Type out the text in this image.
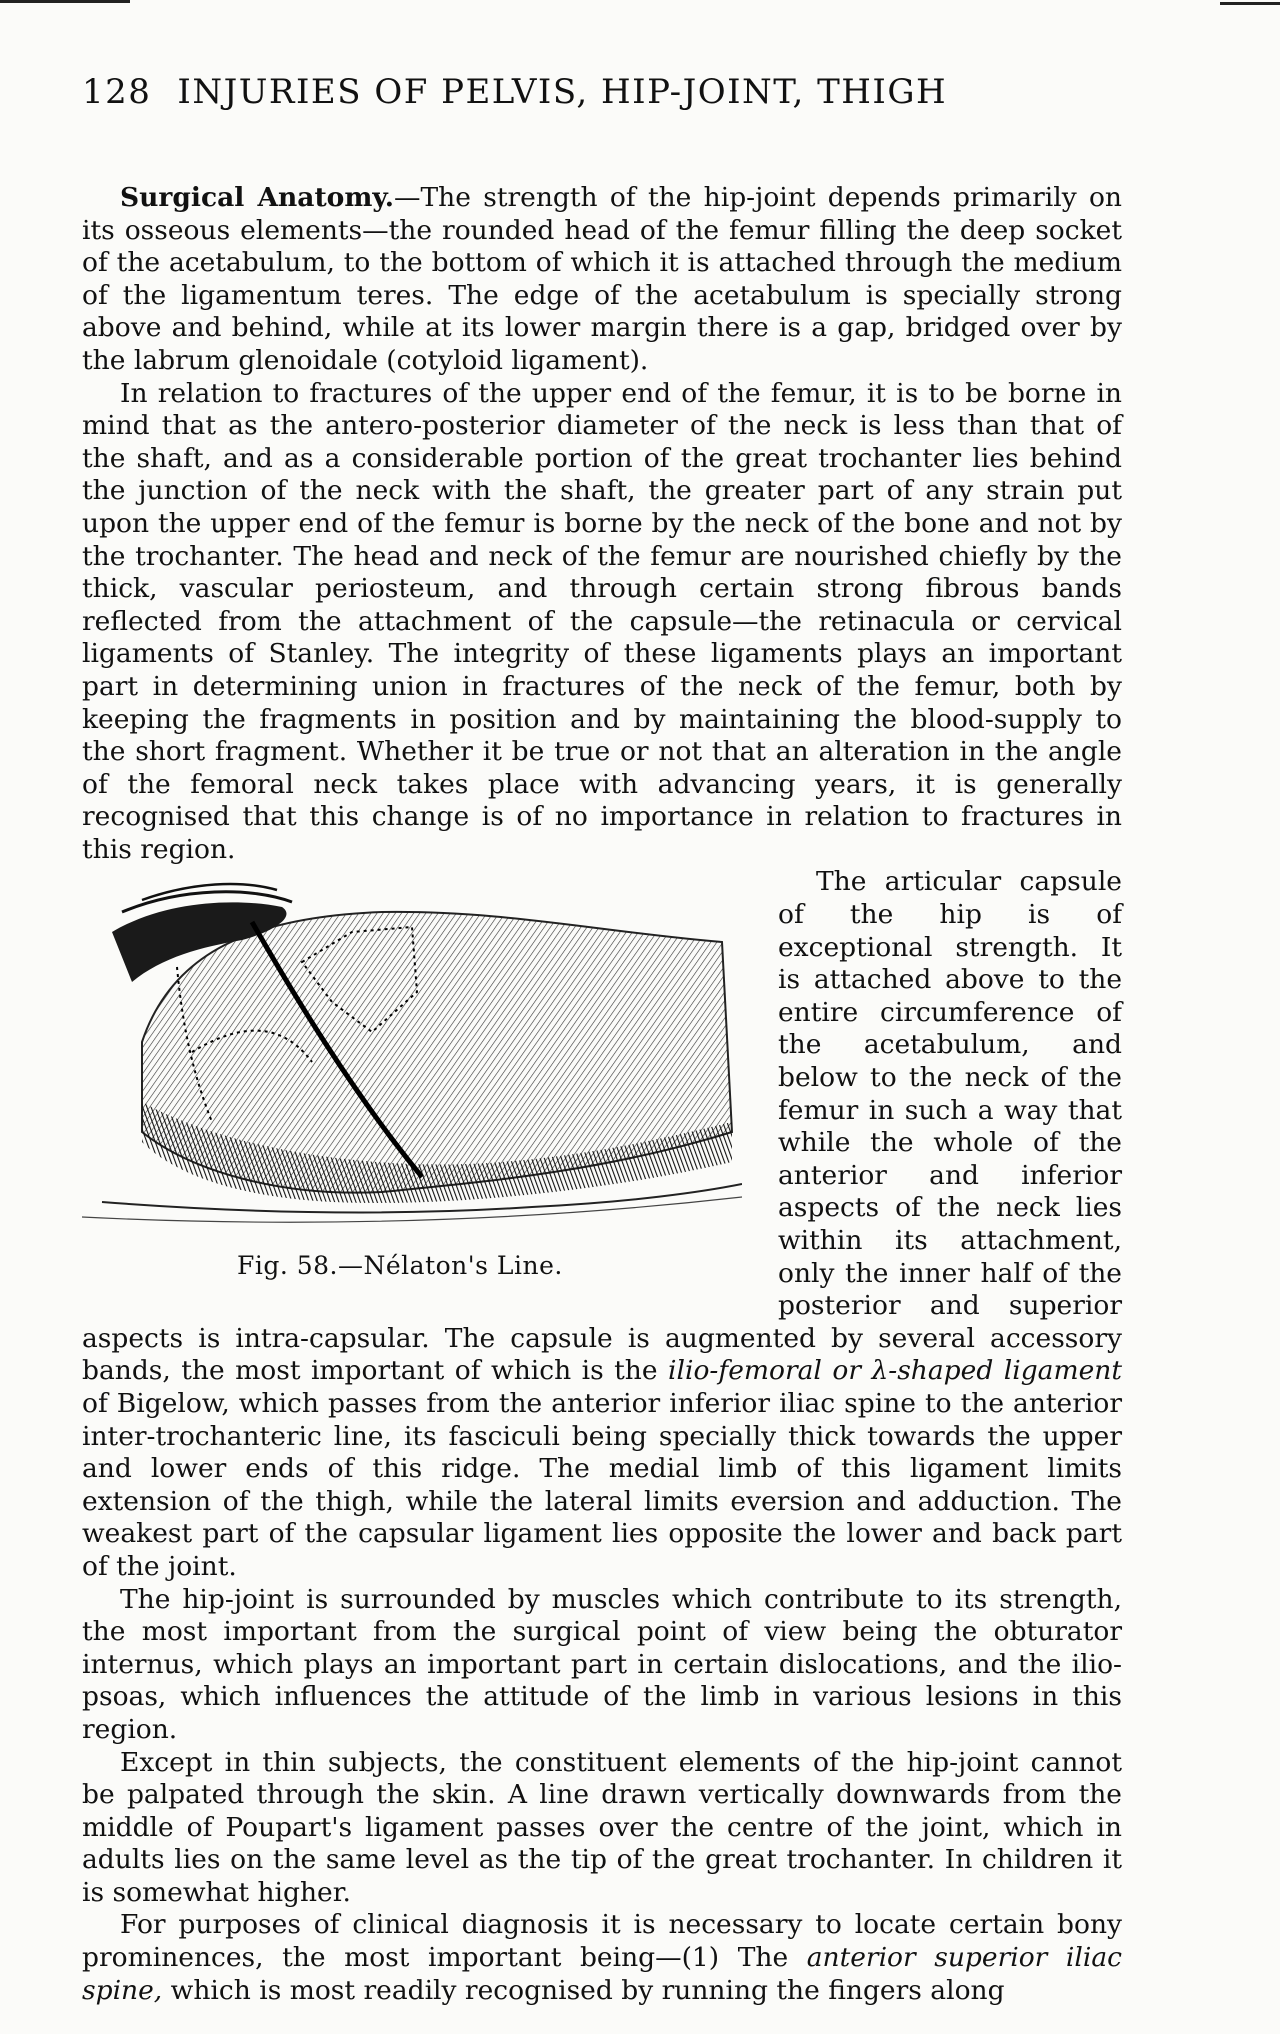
128 INJURIES OF PELVIS, HIP-JOINT, THIGH

Surgical Anatomy.—The strength of the hip-joint depends primarily on its osseous elements—the rounded head of the femur filling the deep socket of the acetabulum, to the bottom of which it is attached through the medium of the ligamentum teres. The edge of the acetabulum is specially strong above and behind, while at its lower margin there is a gap, bridged over by the labrum glenoidale (cotyloid ligament).

In relation to fractures of the upper end of the femur, it is to be borne in mind that as the antero-posterior diameter of the neck is less than that of the shaft, and as a considerable portion of the great trochanter lies behind the junction of the neck with the shaft, the greater part of any strain put upon the upper end of the femur is borne by the neck of the bone and not by the trochanter. The head and neck of the femur are nourished chiefly by the thick, vascular periosteum, and through certain strong fibrous bands reflected from the attachment of the capsule—the retinacula or cervical ligaments of Stanley. The integrity of these ligaments plays an important part in determining union in fractures of the neck of the femur, both by keeping the fragments in position and by maintaining the blood-supply to the short fragment. Whether it be true or not that an alteration in the angle of the femoral neck takes place with advancing years, it is generally recognised that this change is of no importance in relation to fractures in this region.

Fig. 58.—Nélaton's Line.

The articular capsule of the hip is of exceptional strength. It is attached above to the entire circumference of the acetabulum, and below to the neck of the femur in such a way that while the whole of the anterior and inferior aspects of the neck lies within its attachment, only the inner half of the posterior and superior aspects is intra-capsular. The capsule is augmented by several accessory bands, the most important of which is the ilio-femoral or λ-shaped ligament of Bigelow, which passes from the anterior inferior iliac spine to the anterior inter-trochanteric line, its fasciculi being specially thick towards the upper and lower ends of this ridge. The medial limb of this ligament limits extension of the thigh, while the lateral limits eversion and adduction. The weakest part of the capsular ligament lies opposite the lower and back part of the joint.

The hip-joint is surrounded by muscles which contribute to its strength, the most important from the surgical point of view being the obturator internus, which plays an important part in certain dislocations, and the ilio-psoas, which influences the attitude of the limb in various lesions in this region.

Except in thin subjects, the constituent elements of the hip-joint cannot be palpated through the skin. A line drawn vertically downwards from the middle of Poupart's ligament passes over the centre of the joint, which in adults lies on the same level as the tip of the great trochanter. In children it is somewhat higher.

For purposes of clinical diagnosis it is necessary to locate certain bony prominences, the most important being—(1) The anterior superior iliac spine, which is most readily recognised by running the fingers along
